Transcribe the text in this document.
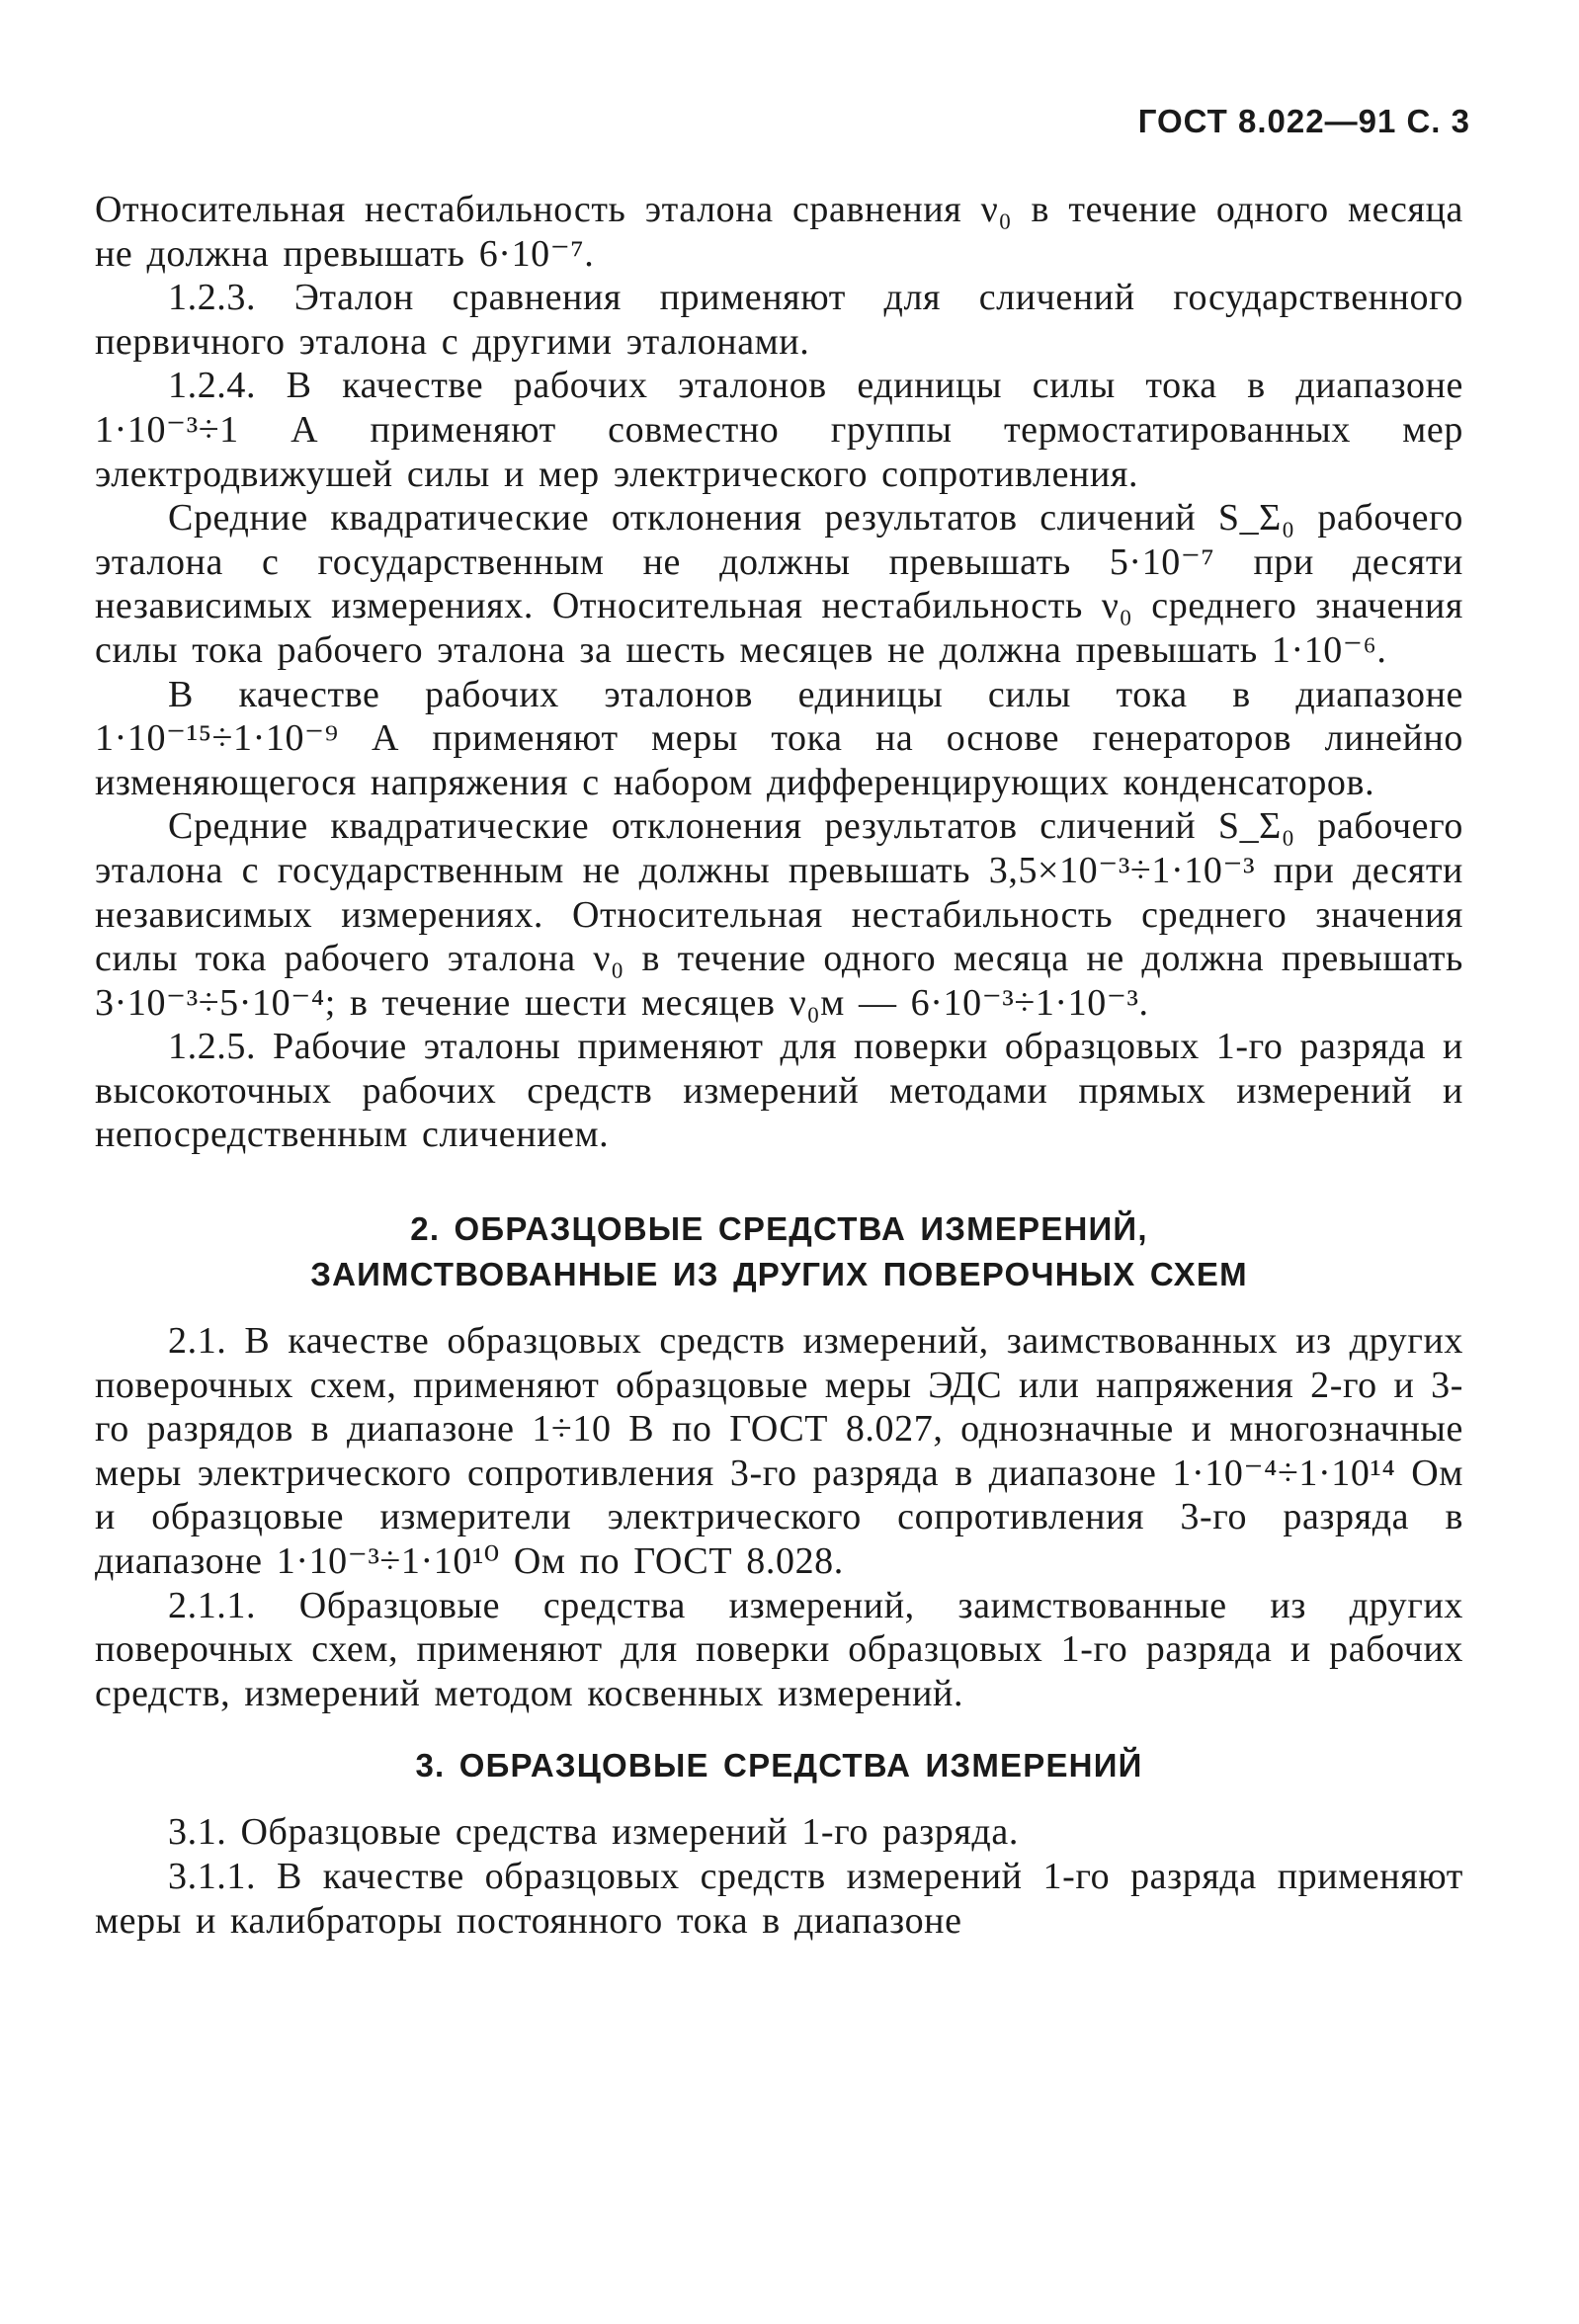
ГОСТ 8.022—91 С. 3

Относительная нестабильность эталона сравнения ν₀ в течение одного месяца не должна превышать 6·10⁻⁷.

1.2.3. Эталон сравнения применяют для сличений государственного первичного эталона с другими эталонами.

1.2.4. В качестве рабочих эталонов единицы силы тока в диапазоне 1·10⁻³÷1 А применяют совместно группы термостатированных мер электродвижушей силы и мер электрического сопротивления.

Средние квадратические отклонения результатов сличений S_Σ₀ рабочего эталона с государственным не должны превышать 5·10⁻⁷ при десяти независимых измерениях. Относительная нестабильность ν₀ среднего значения силы тока рабочего эталона за шесть месяцев не должна превышать 1·10⁻⁶.

В качестве рабочих эталонов единицы силы тока в диапазоне 1·10⁻¹⁵÷1·10⁻⁹ А применяют меры тока на основе генераторов линейно изменяющегося напряжения с набором дифференцирующих конденсаторов.

Средние квадратические отклонения результатов сличений S_Σ₀ рабочего эталона с государственным не должны превышать 3,5×10⁻³÷1·10⁻³ при десяти независимых измерениях. Относительная нестабильность среднего значения силы тока рабочего эталона ν₀ в течение одного месяца не должна превышать 3·10⁻³÷5·10⁻⁴; в течение шести месяцев ν₀м — 6·10⁻³÷1·10⁻³.

1.2.5. Рабочие эталоны применяют для поверки образцовых 1-го разряда и высокоточных рабочих средств измерений методами прямых измерений и непосредственным сличением.

2. ОБРАЗЦОВЫЕ СРЕДСТВА ИЗМЕРЕНИЙ,
ЗАИМСТВОВАННЫЕ ИЗ ДРУГИХ ПОВЕРОЧНЫХ СХЕМ

2.1. В качестве образцовых средств измерений, заимствованных из других поверочных схем, применяют образцовые меры ЭДС или напряжения 2-го и 3-го разрядов в диапазоне 1÷10 В по ГОСТ 8.027, однозначные и многозначные меры электрического сопротивления 3-го разряда в диапазоне 1·10⁻⁴÷1·10¹⁴ Ом и образцовые измерители электрического сопротивления 3-го разряда в диапазоне 1·10⁻³÷1·10¹⁰ Ом по ГОСТ 8.028.

2.1.1. Образцовые средства измерений, заимствованные из других поверочных схем, применяют для поверки образцовых 1-го разряда и рабочих средств, измерений методом косвенных измерений.

3. ОБРАЗЦОВЫЕ СРЕДСТВА ИЗМЕРЕНИЙ

3.1. Образцовые средства измерений 1-го разряда.

3.1.1. В качестве образцовых средств измерений 1-го разряда применяют меры и калибраторы постоянного тока в диапазоне
